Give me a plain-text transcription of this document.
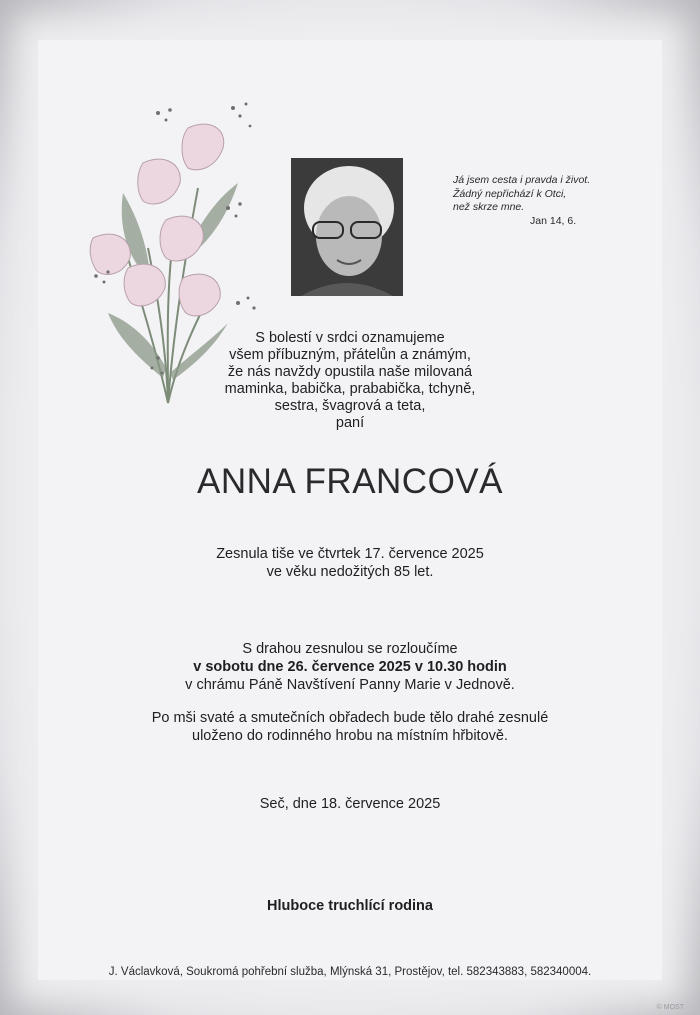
Já jsem cesta i pravda i život.
Žádný nepřichází k Otci,
než skrze mne.
Jan 14, 6.
S bolestí v srdci oznamujeme
všem příbuzným, přátelůn a známým,
že nás navždy opustila naše milovaná
maminka, babička, prababička, tchyně,
sestra, švagrová a teta,
paní
ANNA FRANCOVÁ
Zesnula tiše ve čtvrtek 17. července 2025
ve věku nedožitých 85 let.
S drahou zesnulou se rozloučíme
v sobotu dne 26. července 2025 v 10.30 hodin
v chrámu Páně Navštívení Panny Marie v Jednově.
Po mši svaté a smutečních obřadech bude tělo drahé zesnulé
uloženo do rodinného hrobu na místním hřbitově.
Seč, dne 18. července 2025
Hluboce truchlící rodina
J. Václavková, Soukromá pohřební služba, Mlýnská 31, Prostějov, tel. 582343883, 582340004.
© MOST
